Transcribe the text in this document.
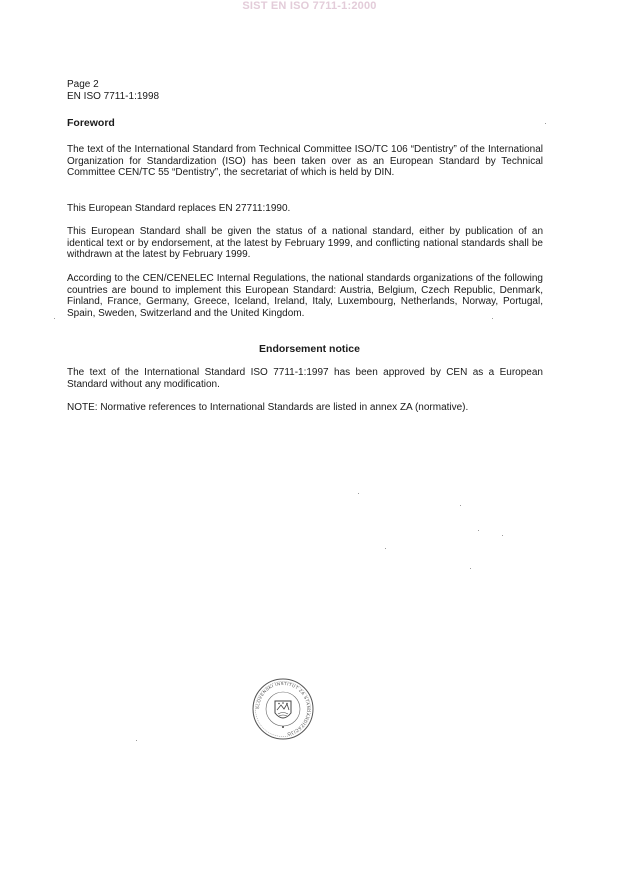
SIST EN ISO 7711-1:2000
Page 2
EN ISO 7711-1:1998
Foreword

The text of the International Standard from Technical Committee ISO/TC 106 “Dentistry” of the International Organization for Standardization (ISO) has been taken over as an European Standard by Technical Committee CEN/TC 55 “Dentistry”, the secretariat of which is held by DIN.

This European Standard replaces EN 27711:1990.

This European Standard shall be given the status of a national standard, either by publication of an identical text or by endorsement, at the latest by February 1999, and conflicting national standards shall be withdrawn at the latest by February 1999.

According to the CEN/CENELEC Internal Regulations, the national standards organizations of the following countries are bound to implement this European Standard: Austria, Belgium, Czech Republic, Denmark, Finland, France, Germany, Greece, Iceland, Ireland, Italy, Luxembourg, Netherlands, Norway, Portugal, Spain, Sweden, Switzerland and the United Kingdom.

Endorsement notice

The text of the International Standard ISO 7711-1:1997 has been approved by CEN as a European Standard without any modification.

NOTE: Normative references to International Standards are listed in annex ZA (normative).

SLOVENSKI INSTITUT ZA STANDARDIZACIJO
